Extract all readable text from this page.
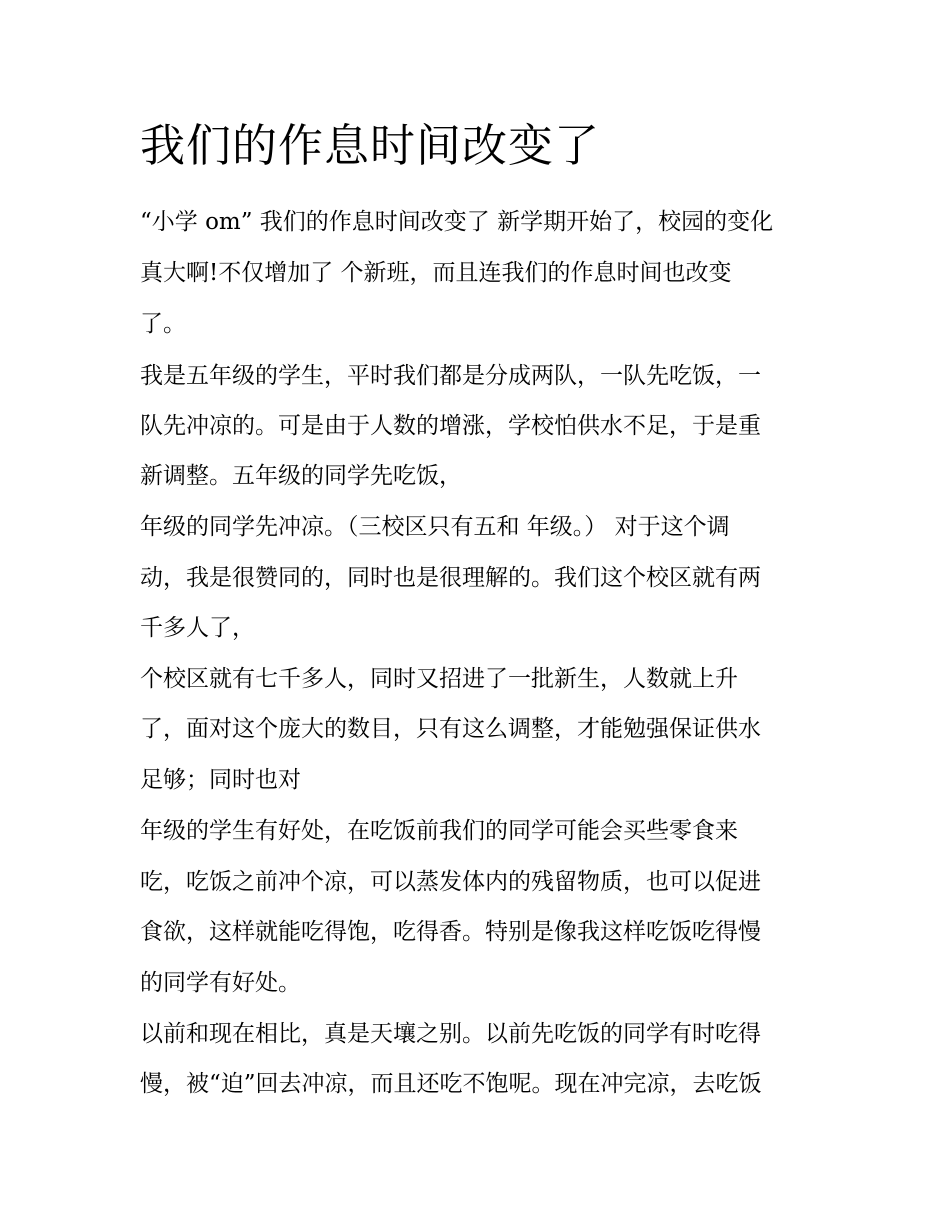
我们的作息时间改变了

“小学 om” 我们的作息时间改变了 新学期开始了，校园的变化

真大啊!不仅增加了 个新班，而且连我们的作息时间也改变

了。

我是五年级的学生，平时我们都是分成两队，一队先吃饭，一

队先冲凉的。可是由于人数的增涨，学校怕供水不足，于是重

新调整。五年级的同学先吃饭，

年级的同学先冲凉。（三校区只有五和 年级。） 对于这个调

动，我是很赞同的，同时也是很理解的。我们这个校区就有两

千多人了，

个校区就有七千多人，同时又招进了一批新生，人数就上升

了，面对这个庞大的数目，只有这么调整，才能勉强保证供水

足够；同时也对

年级的学生有好处，在吃饭前我们的同学可能会买些零食来

吃，吃饭之前冲个凉，可以蒸发体内的残留物质，也可以促进

食欲，这样就能吃得饱，吃得香。特别是像我这样吃饭吃得慢

的同学有好处。

以前和现在相比，真是天壤之别。以前先吃饭的同学有时吃得

慢，被“迫”回去冲凉，而且还吃不饱呢。现在冲完凉，去吃饭
